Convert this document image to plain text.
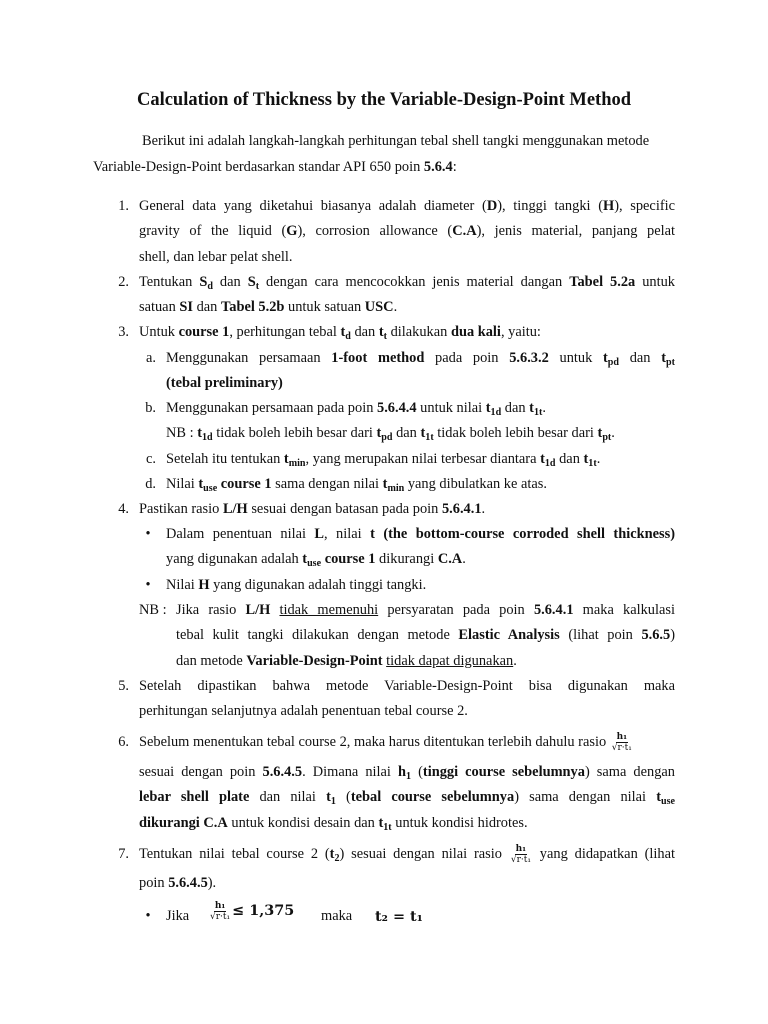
Calculation of Thickness by the Variable-Design-Point Method
Berikut ini adalah langkah-langkah perhitungan tebal shell tangki menggunakan metode
Variable-Design-Point berdasarkan standar API 650 poin 5.6.4:
1. General data yang diketahui biasanya adalah diameter (D), tinggi tangki (H), specific
gravity of the liquid (G), corrosion allowance (C.A), jenis material, panjang pelat
shell, dan lebar pelat shell.
2. Tentukan $S_d$ dan $S_t$ dengan cara mencocokkan jenis material dangan Tabel 5.2a untuk
satuan SI dan Tabel 5.2b untuk satuan USC.
3. Untuk course 1, perhitungan tebal $t_d$ dan $t_t$ dilakukan dua kali, yaitu:
a. Menggunakan persamaan 1-foot method pada poin 5.6.3.2 untuk $t_{pd}$ dan $t_{pt}$
(tebal preliminary)
b. Menggunakan persamaan pada poin 5.6.4.4 untuk nilai $t_{1d}$ dan $t_{1t}$.
NB : $t_{1d}$ tidak boleh lebih besar dari $t_{pd}$ dan $t_{1t}$ tidak boleh lebih besar dari $t_{pt}$.
c. Setelah itu tentukan $t_{min}$, yang merupakan nilai terbesar diantara $t_{1d}$ dan $t_{1t}$.
d. Nilai $t_{use}$ course 1 sama dengan nilai $t_{min}$ yang dibulatkan ke atas.
4. Pastikan rasio L/H sesuai dengan batasan pada poin 5.6.4.1.
•	Dalam penentuan nilai L, nilai t (the bottom-course corroded shell thickness)
yang digunakan adalah $t_{use}$ course 1 dikurangi C.A.
•	Nilai H yang digunakan adalah tinggi tangki.
NB : Jika rasio L/H tidak memenuhi persyaratan pada poin 5.6.4.1 maka kalkulasi
tebal kulit tangki dilakukan dengan metode Elastic Analysis (lihat poin 5.6.5)
dan metode Variable-Design-Point tidak dapat digunakan.
5. Setelah dipastikan bahwa metode Variable-Design-Point bisa digunakan maka
perhitungan selanjutnya adalah penentuan tebal course 2.
6. Sebelum menentukan tebal course 2, maka harus ditentukan terlebih dahulu rasio $\frac{\text{h₁}}{\text{√r·t₁}}$
sesuai dengan poin 5.6.4.5. Dimana nilai $h_1$ (tinggi course sebelumnya) sama dengan
lebar shell plate dan nilai $t_1$ (tebal course sebelumnya) sama dengan nilai $t_{use}$
dikurangi C.A untuk kondisi desain dan $t_{1t}$ untuk kondisi hidrotes.
7. Tentukan nilai tebal course 2 $(t_2)$ sesuai dengan nilai rasio $\frac{\text{h₁}}{\text{√r·t₁}}$ yang didapatkan (lihat
poin 5.6.4.5).
•	Jika	$\frac{\text{h₁}}{\text{√r·t₁}} \le 1,375$	maka	t₂ = t₁
